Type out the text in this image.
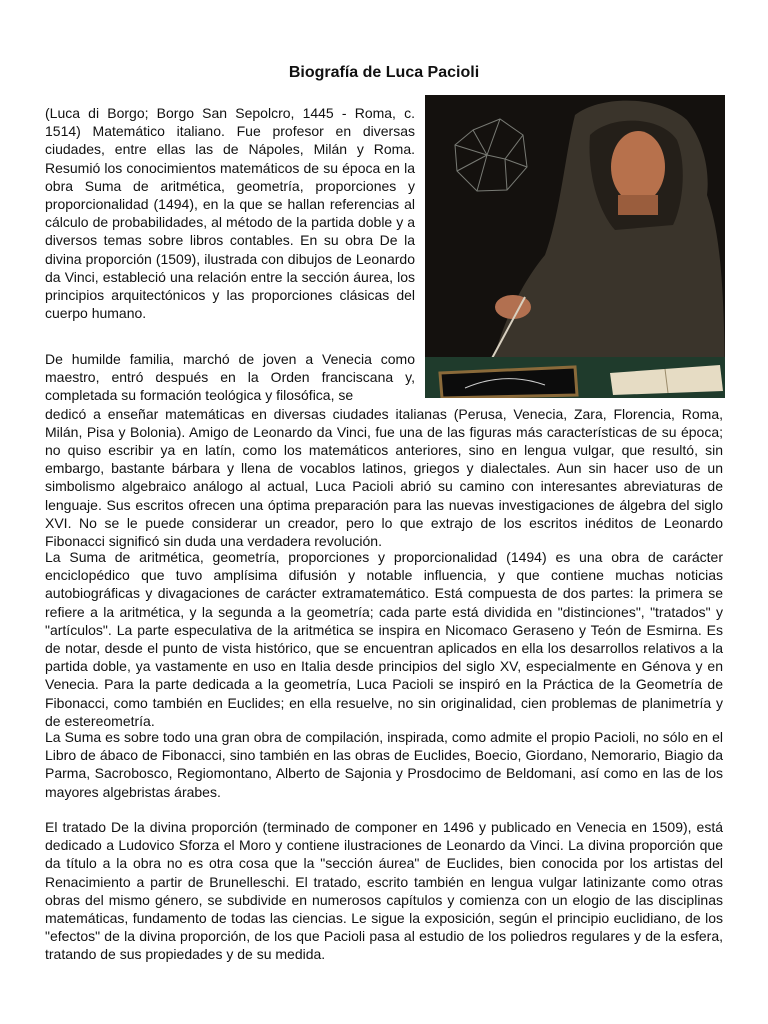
Biografía de Luca Pacioli
(Luca di Borgo; Borgo San Sepolcro, 1445 - Roma, c. 1514) Matemático italiano. Fue profesor en diversas ciudades, entre ellas las de Nápoles, Milán y Roma. Resumió los conocimientos matemáticos de su época en la obra Suma de aritmética, geometría, proporciones y proporcionalidad (1494), en la que se hallan referencias al cálculo de probabilidades, al método de la partida doble y a diversos temas sobre libros contables. En su obra De la divina proporción (1509), ilustrada con dibujos de Leonardo da Vinci, estableció una relación entre la sección áurea, los principios arquitectónicos y las proporciones clásicas del cuerpo humano.

De humilde familia, marchó de joven a Venecia como maestro, entró después en la Orden franciscana y, completada su formación teológica y filosófica, se

dedicó a enseñar matemáticas en diversas ciudades italianas (Perusa, Venecia, Zara, Florencia, Roma, Milán, Pisa y Bolonia). Amigo de Leonardo da Vinci, fue una de las figuras más características de su época; no quiso escribir ya en latín, como los matemáticos anteriores, sino en lengua vulgar, que resultó, sin embargo, bastante bárbara y llena de vocablos latinos, griegos y dialectales. Aun sin hacer uso de un simbolismo algebraico análogo al actual, Luca Pacioli abrió su camino con interesantes abreviaturas de lenguaje. Sus escritos ofrecen una óptima preparación para las nuevas investigaciones de álgebra del siglo XVI. No se le puede considerar un creador, pero lo que extrajo de los escritos inéditos de Leonardo Fibonacci significó sin duda una verdadera revolución.

La Suma de aritmética, geometría, proporciones y proporcionalidad (1494) es una obra de carácter enciclopédico que tuvo amplísima difusión y notable influencia, y que contiene muchas noticias autobiográficas y divagaciones de carácter extramatemático. Está compuesta de dos partes: la primera se refiere a la aritmética, y la segunda a la geometría; cada parte está dividida en "distinciones", "tratados" y "artículos". La parte especulativa de la aritmética se inspira en Nicomaco Geraseno y Teón de Esmirna. Es de notar, desde el punto de vista histórico, que se encuentran aplicados en ella los desarrollos relativos a la partida doble, ya vastamente en uso en Italia desde principios del siglo XV, especialmente en Génova y en Venecia. Para la parte dedicada a la geometría, Luca Pacioli se inspiró en la Práctica de la Geometría de Fibonacci, como también en Euclides; en ella resuelve, no sin originalidad, cien problemas de planimetría y de estereometría.
La Suma es sobre todo una gran obra de compilación, inspirada, como admite el propio Pacioli, no sólo en el Libro de ábaco de Fibonacci, sino también en las obras de Euclides, Boecio, Giordano, Nemorario, Biagio da Parma, Sacrobosco, Regiomontano, Alberto de Sajonia y Prosdocimo de Beldomani, así como en las de los mayores algebristas árabes.
El tratado De la divina proporción (terminado de componer en 1496 y publicado en Venecia en 1509), está dedicado a Ludovico Sforza el Moro y contiene ilustraciones de Leonardo da Vinci. La divina proporción que da título a la obra no es otra cosa que la "sección áurea" de Euclides, bien conocida por los artistas del Renacimiento a partir de Brunelleschi. El tratado, escrito también en lengua vulgar latinizante como otras obras del mismo género, se subdivide en numerosos capítulos y comienza con un elogio de las disciplinas matemáticas, fundamento de todas las ciencias. Le sigue la exposición, según el principio euclidiano, de los "efectos" de la divina proporción, de los que Pacioli pasa al estudio de los poliedros regulares y de la esfera, tratando de sus propiedades y de su medida.
